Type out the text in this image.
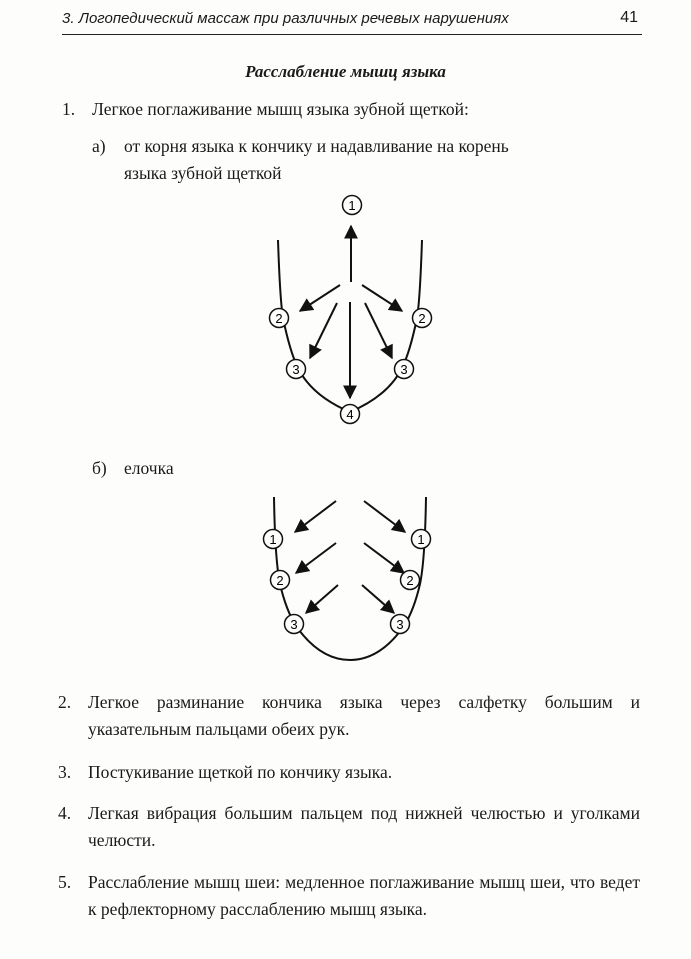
3. Логопедический массаж при различных речевых нарушениях	41
Расслабление мышц языка
1. Легкое поглаживание мышц языка зубной щеткой:
а) от корня языка к кончику и надавливание на корень
языка зубной щеткой
1
2	2
3	3
4
б) елочка
1	1
2	2
3	3
2. Легкое разминание кончика языка через салфетку большим и указательным пальцами обеих рук.
3. Постукивание щеткой по кончику языка.
4. Легкая вибрация большим пальцем под нижней челюстью и уголками челюсти.
5. Расслабление мышц шеи: медленное поглаживание мышц шеи, что ведет к рефлекторному расслаблению мышц языка.
